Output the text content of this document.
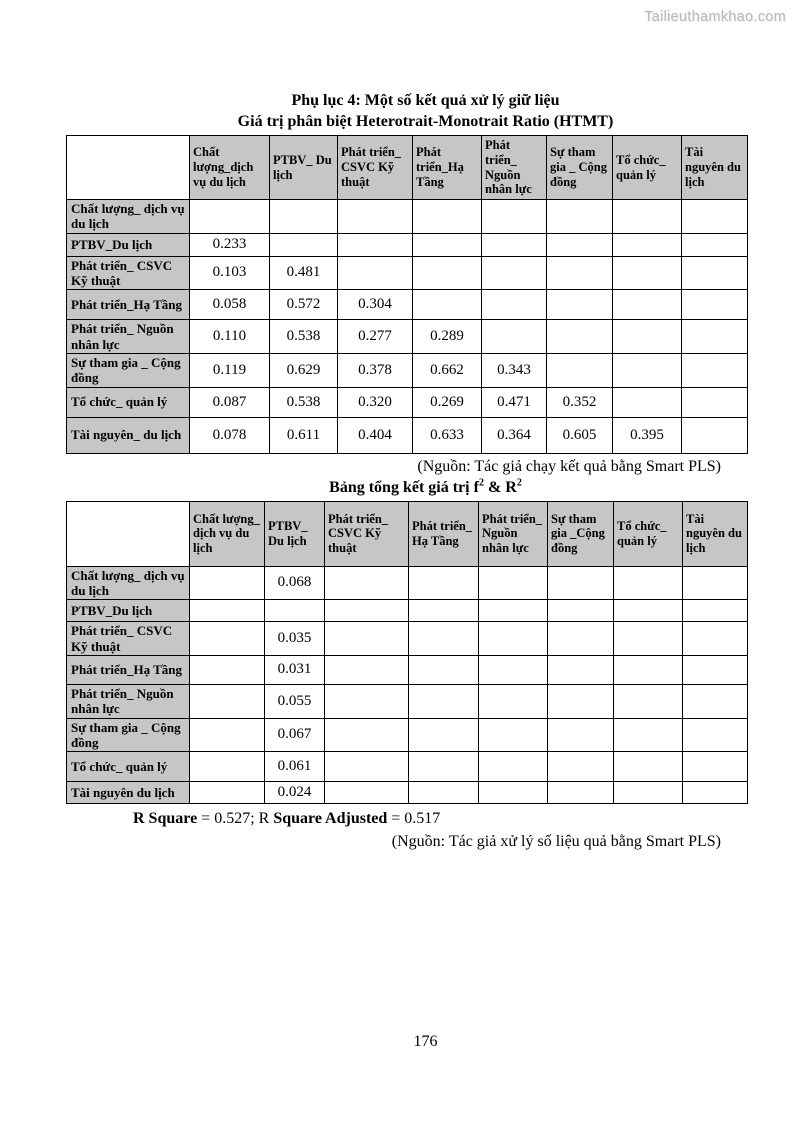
Tailieuthamkhao.com
Phụ lục 4: Một số kết quả xử lý giữ liệu
Giá trị phân biệt Heterotrait-Monotrait Ratio (HTMT)
	Chất lượng_dịch vụ du lịch	PTBV_ Du lịch	Phát triển_ CSVC Kỹ thuật	Phát triển_Hạ Tầng	Phát triển_ Nguồn nhân lực	Sự tham gia _ Cộng đồng	Tổ chức_ quản lý	Tài nguyên du lịch
Chất lượng_ dịch vụ du lịch								
PTBV_Du lịch	0.233							
Phát triển_ CSVC Kỹ thuật	0.103	0.481						
Phát triển_Hạ Tầng	0.058	0.572	0.304					
Phát triển_ Nguồn nhân lực	0.110	0.538	0.277	0.289				
Sự tham gia _ Cộng đồng	0.119	0.629	0.378	0.662	0.343			
Tổ chức_ quản lý	0.087	0.538	0.320	0.269	0.471	0.352		
Tài nguyên_ du lịch	0.078	0.611	0.404	0.633	0.364	0.605	0.395	
(Nguồn: Tác giả chạy kết quả bằng Smart PLS)
Bảng tổng kết giá trị $f^2$ & $R^2$
	Chất lượng_ dịch vụ du lịch	PTBV_ Du lịch	Phát triển_ CSVC Kỹ thuật	Phát triển_ Hạ Tầng	Phát triển_ Nguồn nhân lực	Sự tham gia _Cộng đồng	Tổ chức_ quản lý	Tài nguyên du lịch
Chất lượng_ dịch vụ du lịch		0.068						
PTBV_Du lịch								
Phát triển_ CSVC Kỹ thuật		0.035						
Phát triển_Hạ Tầng		0.031						
Phát triển_ Nguồn nhân lực		0.055						
Sự tham gia _ Cộng đồng		0.067						
Tổ chức_ quản lý		0.061						
Tài nguyên du lịch		0.024						
R Square = 0.527; R Square Adjusted = 0.517
(Nguồn: Tác giả xử lý số liệu quả bằng Smart PLS)
176
